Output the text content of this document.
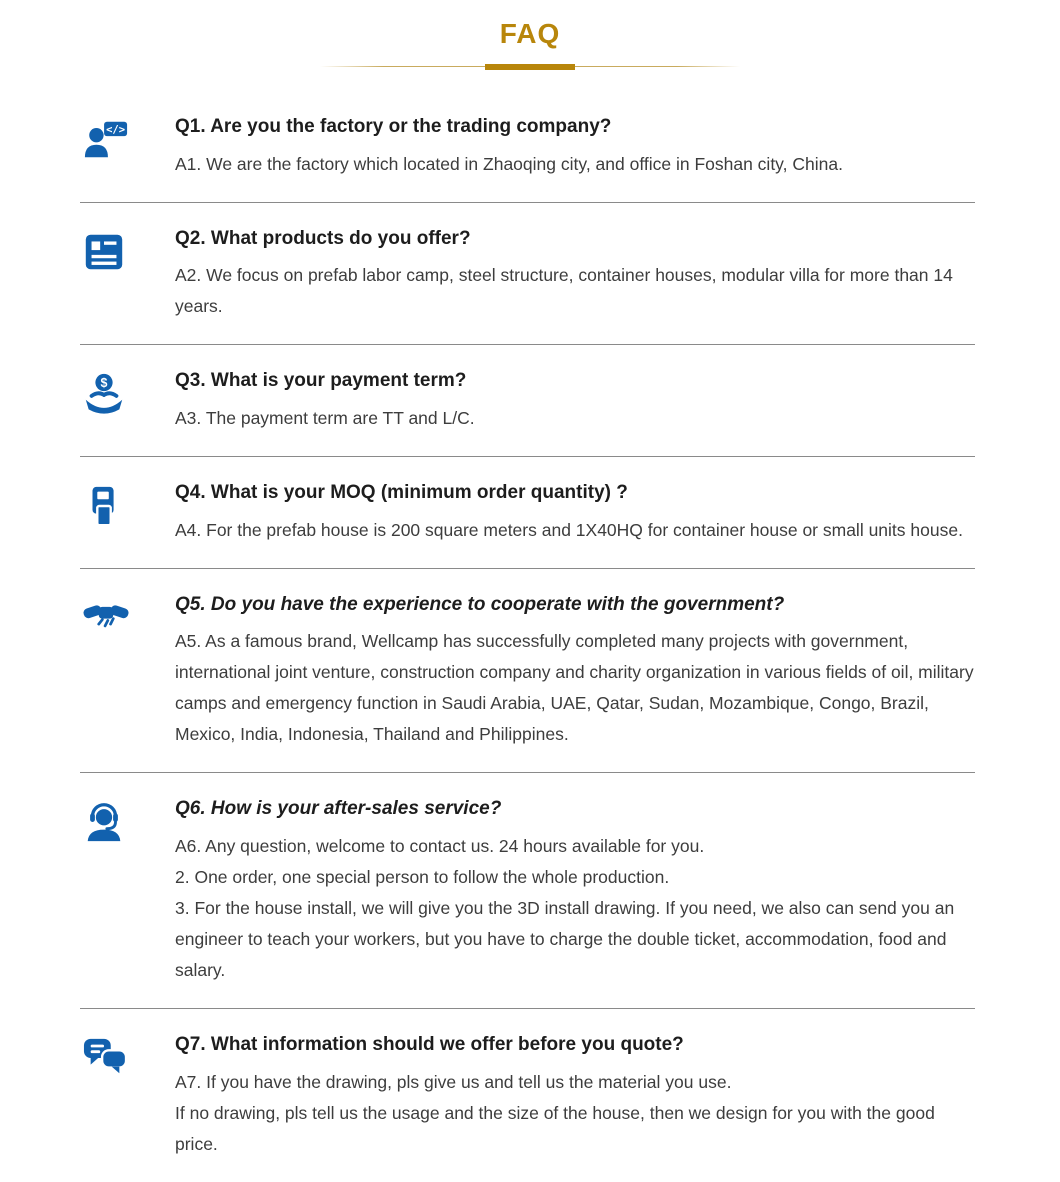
FAQ
</>	Q1. Are you the factory or the trading company?

A1. We are the factory which located in Zhaoqing city, and office in Foshan city, China.

Q2. What products do you offer?

A2. We focus on prefab labor camp, steel structure, container houses, modular villa for more than 14 years.

$	Q3. What is your payment term?

A3. The payment term are TT and L/C.

Q4. What is your MOQ (minimum order quantity) ?

A4. For the prefab house is 200 square meters and 1X40HQ for container house or small units house.

Q5. Do you have the experience to cooperate with the government?

A5. As a famous brand, Wellcamp has successfully completed many projects with government, international joint venture, construction company and charity organization in various fields of oil, military camps and emergency function in Saudi Arabia, UAE, Qatar, Sudan, Mozambique, Congo, Brazil, Mexico, India, Indonesia, Thailand and Philippines.

Q6. How is your after-sales service?

A6. Any question, welcome to contact us. 24 hours available for you.

2. One order, one special person to follow the whole production.

3. For the house install, we will give you the 3D install drawing. If you need, we also can send you an engineer to teach your workers, but you have to charge the double ticket, accommodation, food and salary.

Q7. What information should we offer before you quote?

A7. If you have the drawing, pls give us and tell us the material you use.

If no drawing, pls tell us the usage and the size of the house, then we design for you with the good price.
